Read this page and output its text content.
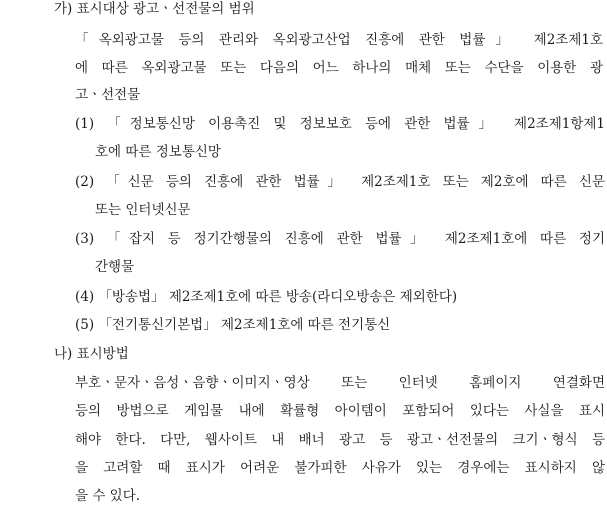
가) 표시대상 광고ㆍ선전물의 범위
「옥외광고물 등의 관리와 옥외광고산업 진흥에 관한 법률」 제2조제1호
에 따른 옥외광고물 또는 다음의 어느 하나의 매체 또는 수단을 이용한 광
고ㆍ선전물
(1) 「정보통신망 이용촉진 및 정보보호 등에 관한 법률」 제2조제1항제1
호에 따른 정보통신망
(2) 「신문 등의 진흥에 관한 법률」 제2조제1호 또는 제2호에 따른 신문
또는 인터넷신문
(3) 「잡지 등 정기간행물의 진흥에 관한 법률」 제2조제1호에 따른 정기
간행물
(4) 「방송법」 제2조제1호에 따른 방송(라디오방송은 제외한다)
(5) 「전기통신기본법」 제2조제1호에 따른 전기통신
나) 표시방법
부호ㆍ문자ㆍ음성ㆍ음향ㆍ이미지ㆍ영상 또는 인터넷 홈페이지 연결화면
등의 방법으로 게임물 내에 확률형 아이템이 포함되어 있다는 사실을 표시
해야 한다. 다만, 웹사이트 내 배너 광고 등 광고ㆍ선전물의 크기ㆍ형식 등
을 고려할 때 표시가 어려운 불가피한 사유가 있는 경우에는 표시하지 않
을 수 있다.
